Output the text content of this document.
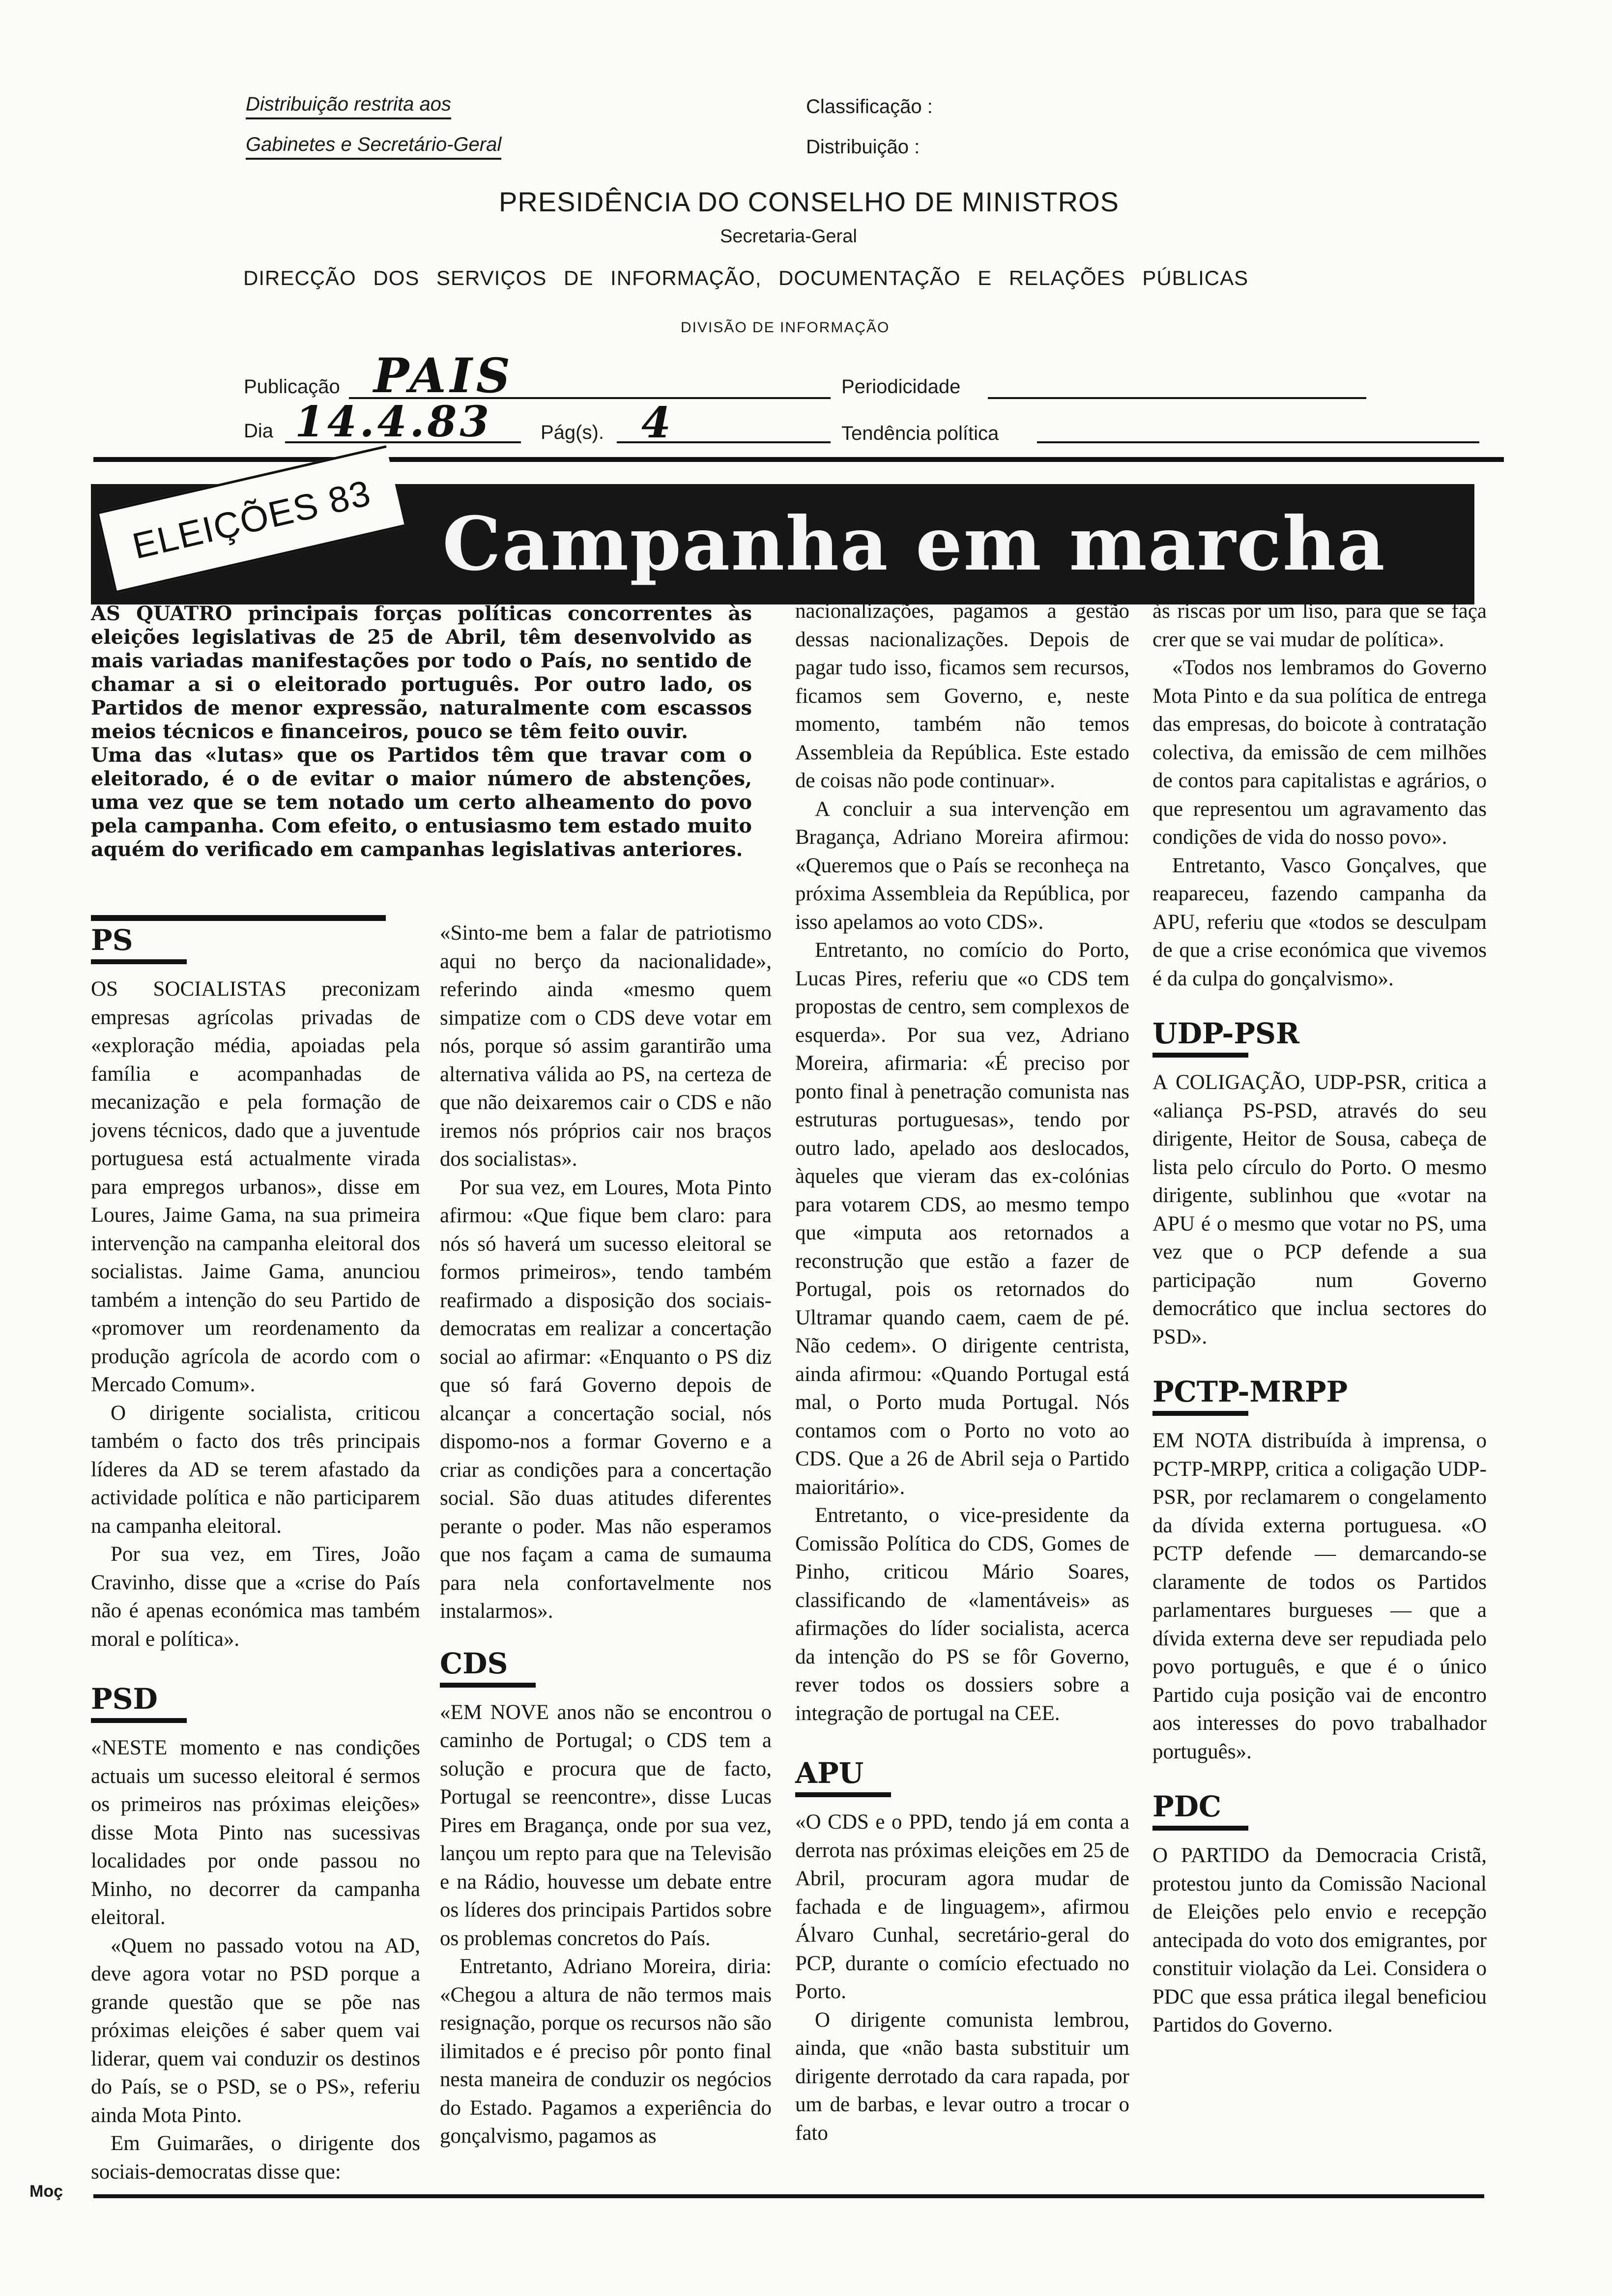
Distribuição restrita aos
Gabinetes e Secretário-Geral
Classificação :
Distribuição :
PRESIDÊNCIA DO CONSELHO DE MINISTROS
Secretaria-Geral
DIRECÇÃO DOS SERVIÇOS DE INFORMAÇÃO, DOCUMENTAÇÃO E RELAÇÕES PÚBLICAS
DIVISÃO DE INFORMAÇÃO
Publicação PAIS	Periodicidade
Dia 14.4.83 Pág(s). 4	Tendência política
ELEIÇÕES 83 Campanha em marcha

AS QUATRO principais forças políticas concorrentes às eleições legislativas de 25 de Abril, têm desenvolvido as mais variadas manifestações por todo o País, no sentido de chamar a si o eleitorado português. Por outro lado, os Partidos de menor expressão, naturalmente com escassos meios técnicos e financeiros, pouco se têm feito ouvir.

Uma das «lutas» que os Partidos têm que travar com o eleitorado, é o de evitar o maior número de abstenções, uma vez que se tem notado um certo alheamento do povo pela campanha. Com efeito, o entusiasmo tem estado muito aquém do verificado em campanhas legislativas anteriores.

PS

OS SOCIALISTAS preconizam empresas agrícolas privadas de «exploração média, apoiadas pela família e acompanhadas de mecanização e pela formação de jovens técnicos, dado que a juventude portuguesa está actualmente virada para empregos urbanos», disse em Loures, Jaime Gama, na sua primeira intervenção na campanha eleitoral dos socialistas. Jaime Gama, anunciou também a intenção do seu Partido de «promover um reordenamento da produção agrícola de acordo com o Mercado Comum».

O dirigente socialista, criticou também o facto dos três principais líderes da AD se terem afastado da actividade política e não participarem na campanha eleitoral.

Por sua vez, em Tires, João Cravinho, disse que a «crise do País não é apenas económica mas também moral e política».

PSD

«NESTE momento e nas condições actuais um sucesso eleitoral é sermos os primeiros nas próximas eleições» disse Mota Pinto nas sucessivas localidades por onde passou no Minho, no decorrer da campanha eleitoral.

«Quem no passado votou na AD, deve agora votar no PSD porque a grande questão que se põe nas próximas eleições é saber quem vai liderar, quem vai conduzir os destinos do País, se o PSD, se o PS», referiu ainda Mota Pinto.

Em Guimarães, o dirigente dos sociais-democratas disse que:

«Sinto-me bem a falar de patriotismo aqui no berço da nacionalidade», referindo ainda «mesmo quem simpatize com o CDS deve votar em nós, porque só assim garantirão uma alternativa válida ao PS, na certeza de que não deixaremos cair o CDS e não iremos nós próprios cair nos braços dos socialistas».

Por sua vez, em Loures, Mota Pinto afirmou: «Que fique bem claro: para nós só haverá um sucesso eleitoral se formos primeiros», tendo também reafirmado a disposição dos sociais-democratas em realizar a concertação social ao afirmar: «Enquanto o PS diz que só fará Governo depois de alcançar a concertação social, nós dispomo-nos a formar Governo e a criar as condições para a concertação social. São duas atitudes diferentes perante o poder. Mas não esperamos que nos façam a cama de sumauma para nela confortavelmente nos instalarmos».

CDS

«EM NOVE anos não se encontrou o caminho de Portugal; o CDS tem a solução e procura que de facto, Portugal se reencontre», disse Lucas Pires em Bragança, onde por sua vez, lançou um repto para que na Televisão e na Rádio, houvesse um debate entre os líderes dos principais Partidos sobre os problemas concretos do País.

Entretanto, Adriano Moreira, diria: «Chegou a altura de não termos mais resignação, porque os recursos não são ilimitados e é preciso pôr ponto final nesta maneira de conduzir os negócios do Estado. Pagamos a experiência do gonçalvismo, pagamos as

nacionalizações, pagamos a gestão dessas nacionalizações. Depois de pagar tudo isso, ficamos sem recursos, ficamos sem Governo, e, neste momento, também não temos Assembleia da República. Este estado de coisas não pode continuar».

A concluir a sua intervenção em Bragança, Adriano Moreira afirmou: «Queremos que o País se reconheça na próxima Assembleia da República, por isso apelamos ao voto CDS».

Entretanto, no comício do Porto, Lucas Pires, referiu que «o CDS tem propostas de centro, sem complexos de esquerda». Por sua vez, Adriano Moreira, afirmaria: «É preciso por ponto final à penetração comunista nas estruturas portuguesas», tendo por outro lado, apelado aos deslocados, àqueles que vieram das ex-colónias para votarem CDS, ao mesmo tempo que «imputa aos retornados a reconstrução que estão a fazer de Portugal, pois os retornados do Ultramar quando caem, caem de pé. Não cedem». O dirigente centrista, ainda afirmou: «Quando Portugal está mal, o Porto muda Portugal. Nós contamos com o Porto no voto ao CDS. Que a 26 de Abril seja o Partido maioritário».

Entretanto, o vice-presidente da Comissão Política do CDS, Gomes de Pinho, criticou Mário Soares, classificando de «lamentáveis» as afirmações do líder socialista, acerca da intenção do PS se fôr Governo, rever todos os dossiers sobre a integração de portugal na CEE.

APU

«O CDS e o PPD, tendo já em conta a derrota nas próximas eleições em 25 de Abril, procuram agora mudar de fachada e de linguagem», afirmou Álvaro Cunhal, secretário-geral do PCP, durante o comício efectuado no Porto.

O dirigente comunista lembrou, ainda, que «não basta substituir um dirigente derrotado da cara rapada, por um de barbas, e levar outro a trocar o fato

às riscas por um liso, para que se faça crer que se vai mudar de política».

«Todos nos lembramos do Governo Mota Pinto e da sua política de entrega das empresas, do boicote à contratação colectiva, da emissão de cem milhões de contos para capitalistas e agrários, o que representou um agravamento das condições de vida do nosso povo».

Entretanto, Vasco Gonçalves, que reapareceu, fazendo campanha da APU, referiu que «todos se desculpam de que a crise económica que vivemos é da culpa do gonçalvismo».

UDP-PSR

A COLIGAÇÃO, UDP-PSR, critica a «aliança PS-PSD, através do seu dirigente, Heitor de Sousa, cabeça de lista pelo círculo do Porto. O mesmo dirigente, sublinhou que «votar na APU é o mesmo que votar no PS, uma vez que o PCP defende a sua participação num Governo democrático que inclua sectores do PSD».

PCTP-MRPP

EM NOTA distribuída à imprensa, o PCTP-MRPP, critica a coligação UDP-PSR, por reclamarem o congelamento da dívida externa portuguesa. «O PCTP defende — demarcando-se claramente de todos os Partidos parlamentares burgueses — que a dívida externa deve ser repudiada pelo povo português, e que é o único Partido cuja posição vai de encontro aos interesses do povo trabalhador português».

PDC

O PARTIDO da Democracia Cristã, protestou junto da Comissão Nacional de Eleições pelo envio e recepção antecipada do voto dos emigrantes, por constituir violação da Lei. Considera o PDC que essa prática ilegal beneficiou Partidos do Governo.

Moç
